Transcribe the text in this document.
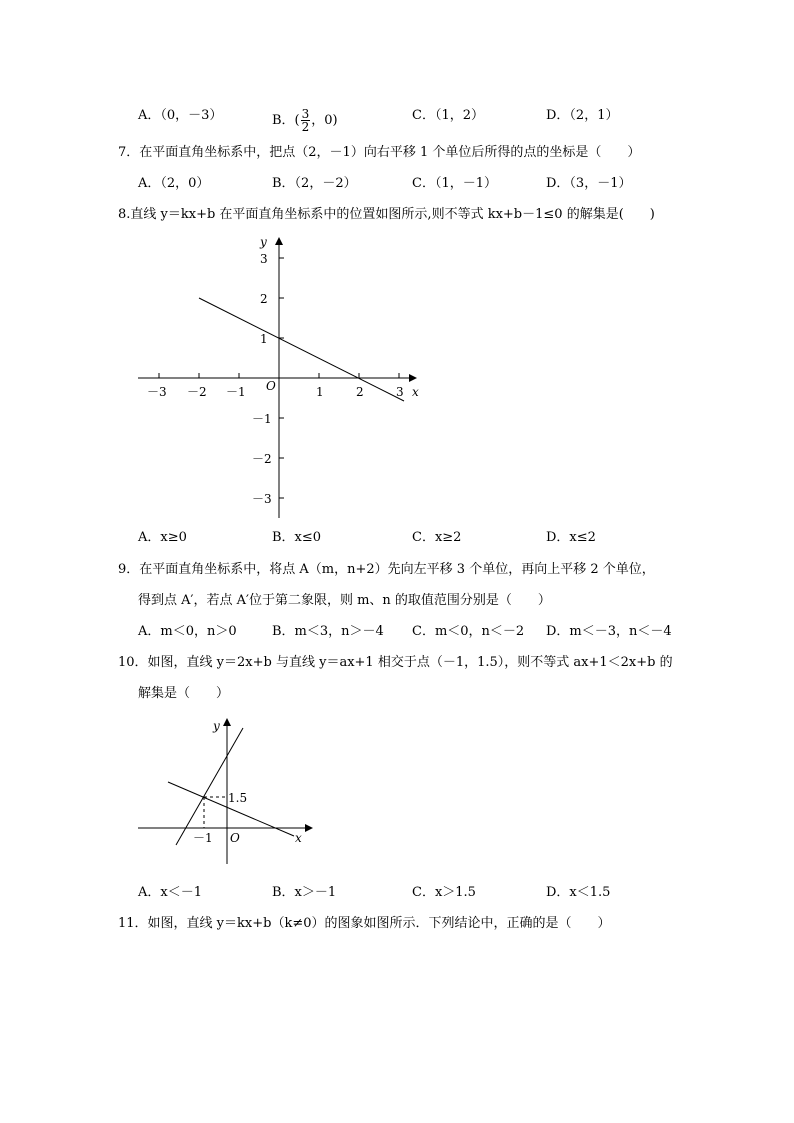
A．（0，－3）	B．( $\frac{3}{2}$ ，0)	C．（1，2）	D．（2，1）
7．在平面直角坐标系中，把点（2，－1）向右平移 1 个单位后所得的点的坐标是（　　）
A．（2，0）	B．（2，－2）	C．（1，－1）	D．（3，－1）
8.直线 y＝kx+b 在平面直角坐标系中的位置如图所示,则不等式 kx+b－1≤0 的解集是(　　)
y
x
O
－3 －2 －1	1	2	3
3
2
1
－1
－2
－3
A．x≥0	B．x≤0	C．x≥2	D．x≤2
9．在平面直角坐标系中，将点 A（m，n+2）先向左平移 3 个单位，再向上平移 2 个单位，
得到点 A′，若点 A′位于第二象限，则 m、n 的取值范围分别是（　　）
A．m＜0，n＞0	B．m＜3，n＞－4 C．m＜0，n＜－2 D．m＜－3，n＜－4
10．如图，直线 y＝2x+b 与直线 y＝ax+1 相交于点（－1，1.5），则不等式 ax+1＜2x+b 的
解集是（　　）
y
x
O
－1
1.5
A．x＜－1	B．x＞－1	C．x＞1.5	D．x＜1.5
11．如图，直线 y＝kx+b（k≠0）的图象如图所示．下列结论中，正确的是（　　）
